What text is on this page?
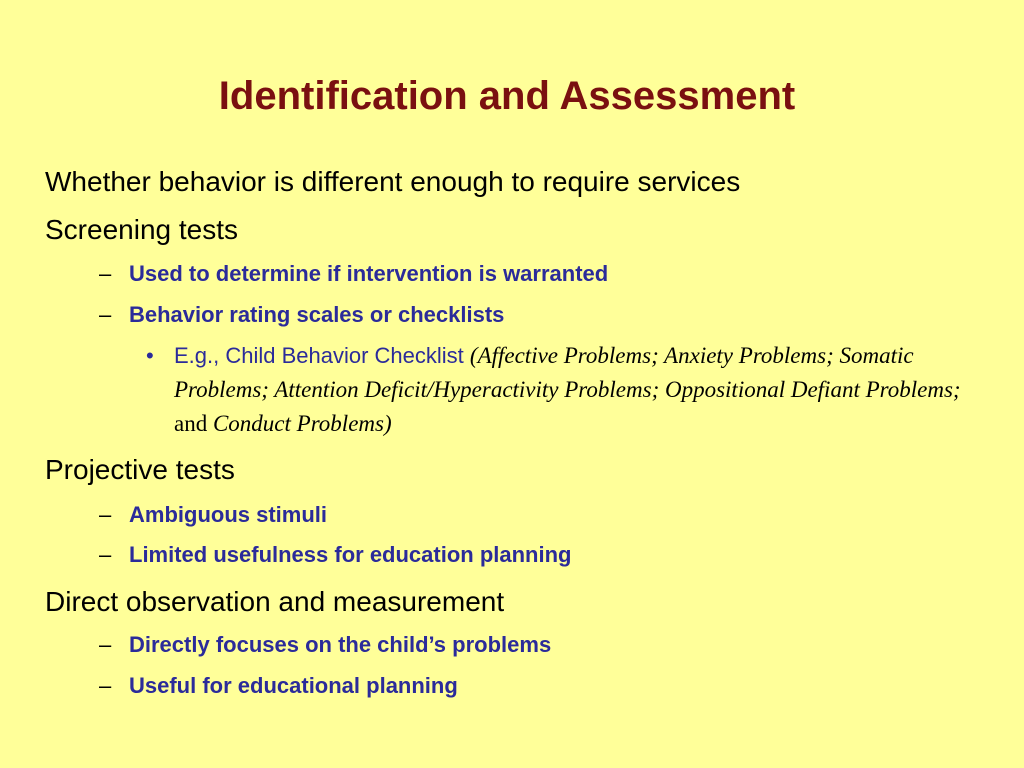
Identification and Assessment
Whether behavior is different enough to require services
Screening tests
– Used to determine if intervention is warranted
– Behavior rating scales or checklists
• E.g., Child Behavior Checklist (Affective Problems; Anxiety Problems; Somatic Problems; Attention Deficit/Hyperactivity Problems; Oppositional Defiant Problems; and Conduct Problems)
Projective tests
– Ambiguous stimuli
– Limited usefulness for education planning
Direct observation and measurement
– Directly focuses on the child’s problems
– Useful for educational planning
